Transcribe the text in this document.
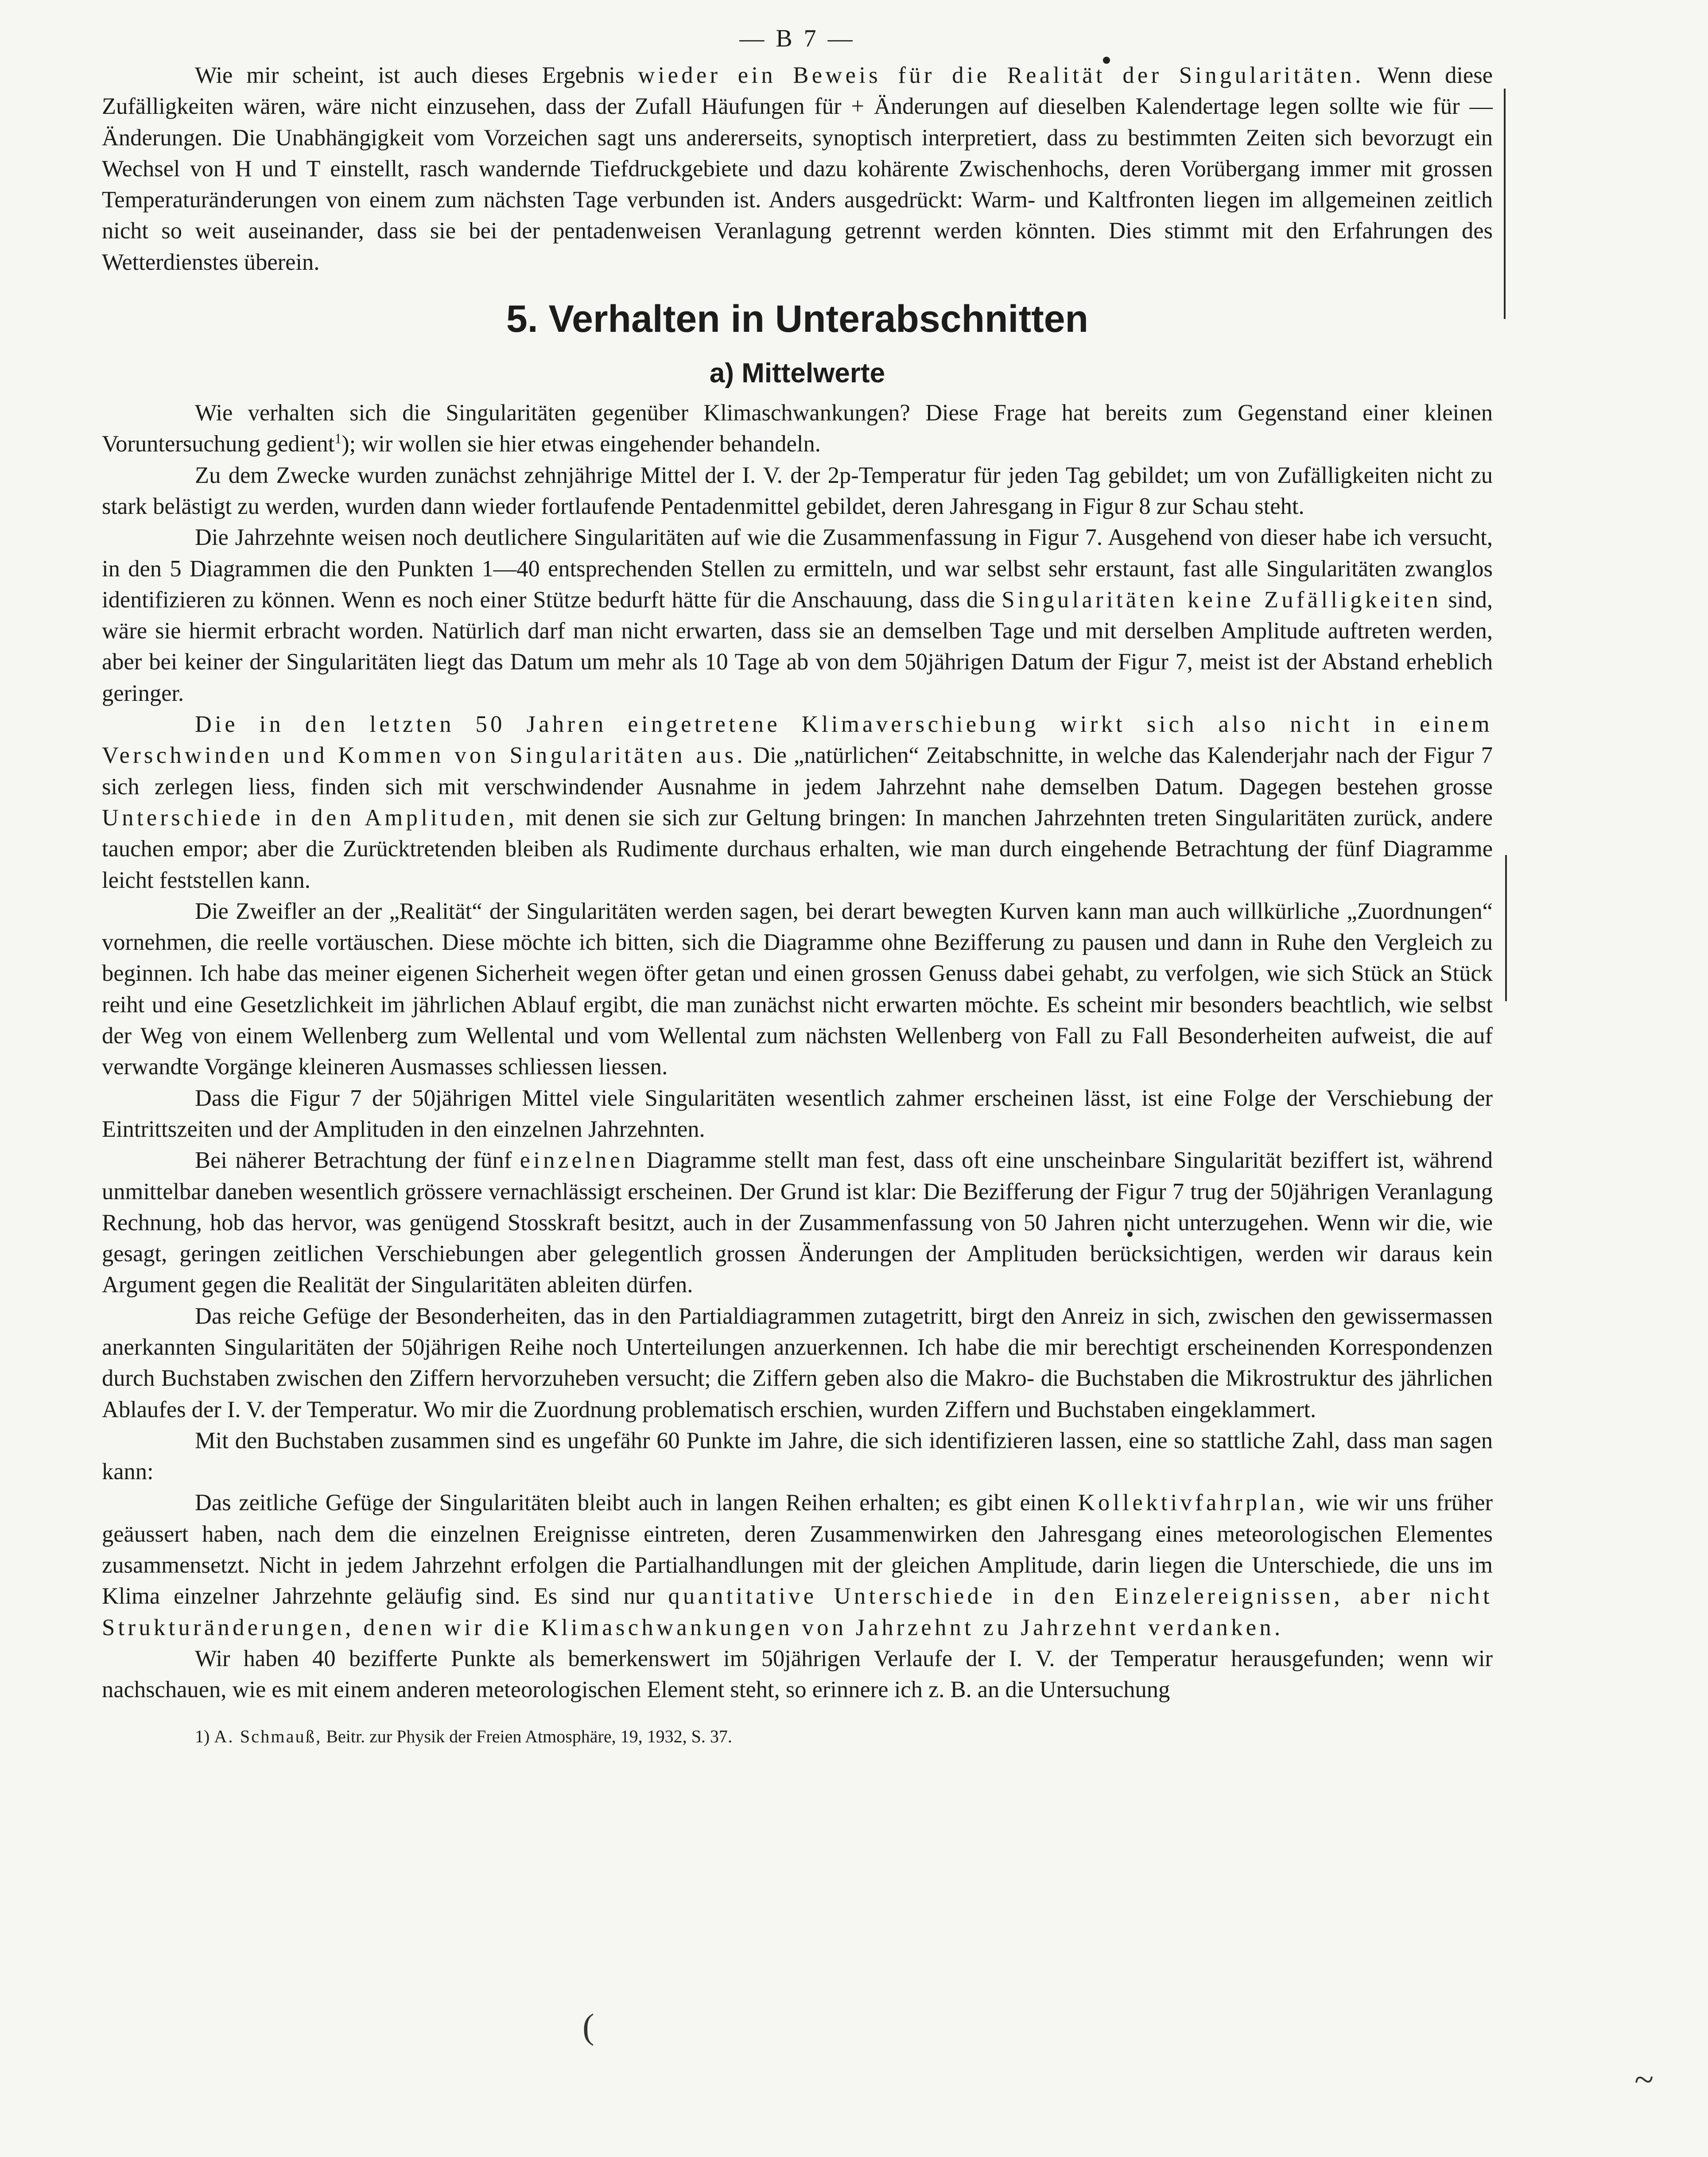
(
~
— B 7 —

Wie mir scheint, ist auch dieses Ergebnis wieder ein Beweis für die Realität der Singularitäten. Wenn diese Zufälligkeiten wären, wäre nicht einzusehen, dass der Zufall Häufungen für + Änderungen auf dieselben Kalendertage legen sollte wie für — Änderungen. Die Unabhängigkeit vom Vorzeichen sagt uns andererseits, synoptisch interpretiert, dass zu bestimmten Zeiten sich bevorzugt ein Wechsel von H und T einstellt, rasch wandernde Tiefdruckgebiete und dazu kohärente Zwischenhochs, deren Vorübergang immer mit grossen Temperaturänderungen von einem zum nächsten Tage verbunden ist. Anders ausgedrückt: Warm- und Kaltfronten liegen im allgemeinen zeitlich nicht so weit auseinander, dass sie bei der pentadenweisen Veranlagung getrennt werden könnten. Dies stimmt mit den Erfahrungen des Wetterdienstes überein.

5. Verhalten in Unterabschnitten
a) Mittelwerte

Wie verhalten sich die Singularitäten gegenüber Klimaschwankungen? Diese Frage hat bereits zum Gegenstand einer kleinen Voruntersuchung gedient$^1$); wir wollen sie hier etwas eingehender behandeln.

Zu dem Zwecke wurden zunächst zehnjährige Mittel der I. V. der 2p-Temperatur für jeden Tag gebildet; um von Zufälligkeiten nicht zu stark belästigt zu werden, wurden dann wieder fortlaufende Pentadenmittel gebildet, deren Jahresgang in Figur 8 zur Schau steht.

Die Jahrzehnte weisen noch deutlichere Singularitäten auf wie die Zusammenfassung in Figur 7. Ausgehend von dieser habe ich versucht, in den 5 Diagrammen die den Punkten 1—40 entsprechenden Stellen zu ermitteln, und war selbst sehr erstaunt, fast alle Singularitäten zwanglos identifizieren zu können. Wenn es noch einer Stütze bedurft hätte für die Anschauung, dass die Singularitäten keine Zufälligkeiten sind, wäre sie hiermit erbracht worden. Natürlich darf man nicht erwarten, dass sie an demselben Tage und mit derselben Amplitude auftreten werden, aber bei keiner der Singularitäten liegt das Datum um mehr als 10 Tage ab von dem 50jährigen Datum der Figur 7, meist ist der Abstand erheblich geringer.

Die in den letzten 50 Jahren eingetretene Klimaverschiebung wirkt sich also nicht in einem Verschwinden und Kommen von Singularitäten aus. Die „natürlichen“ Zeitabschnitte, in welche das Kalenderjahr nach der Figur 7 sich zerlegen liess, finden sich mit verschwindender Ausnahme in jedem Jahrzehnt nahe demselben Datum. Dagegen bestehen grosse Unterschiede in den Amplituden, mit denen sie sich zur Geltung bringen: In manchen Jahrzehnten treten Singularitäten zurück, andere tauchen empor; aber die Zurücktretenden bleiben als Rudimente durchaus erhalten, wie man durch eingehende Betrachtung der fünf Diagramme leicht feststellen kann.

Die Zweifler an der „Realität“ der Singularitäten werden sagen, bei derart bewegten Kurven kann man auch willkürliche „Zuordnungen“ vornehmen, die reelle vortäuschen. Diese möchte ich bitten, sich die Diagramme ohne Bezifferung zu pausen und dann in Ruhe den Vergleich zu beginnen. Ich habe das meiner eigenen Sicherheit wegen öfter getan und einen grossen Genuss dabei gehabt, zu verfolgen, wie sich Stück an Stück reiht und eine Gesetzlichkeit im jährlichen Ablauf ergibt, die man zunächst nicht erwarten möchte. Es scheint mir besonders beachtlich, wie selbst der Weg von einem Wellenberg zum Wellental und vom Wellental zum nächsten Wellenberg von Fall zu Fall Besonderheiten aufweist, die auf verwandte Vorgänge kleineren Ausmasses schliessen liessen.

Dass die Figur 7 der 50jährigen Mittel viele Singularitäten wesentlich zahmer erscheinen lässt, ist eine Folge der Verschiebung der Eintrittszeiten und der Amplituden in den einzelnen Jahrzehnten.

Bei näherer Betrachtung der fünf einzelnen Diagramme stellt man fest, dass oft eine unscheinbare Singularität beziffert ist, während unmittelbar daneben wesentlich grössere vernachlässigt erscheinen. Der Grund ist klar: Die Bezifferung der Figur 7 trug der 50jährigen Veranlagung Rechnung, hob das hervor, was genügend Stosskraft besitzt, auch in der Zusammenfassung von 50 Jahren nicht unterzugehen. Wenn wir die, wie gesagt, geringen zeitlichen Verschiebungen aber gelegentlich grossen Änderungen der Amplituden berücksichtigen, werden wir daraus kein Argument gegen die Realität der Singularitäten ableiten dürfen.

Das reiche Gefüge der Besonderheiten, das in den Partialdiagrammen zutagetritt, birgt den Anreiz in sich, zwischen den gewissermassen anerkannten Singularitäten der 50jährigen Reihe noch Unterteilungen anzuerkennen. Ich habe die mir berechtigt erscheinenden Korrespondenzen durch Buchstaben zwischen den Ziffern hervorzuheben versucht; die Ziffern geben also die Makro- die Buchstaben die Mikrostruktur des jährlichen Ablaufes der I. V. der Temperatur. Wo mir die Zuordnung problematisch erschien, wurden Ziffern und Buchstaben eingeklammert.

Mit den Buchstaben zusammen sind es ungefähr 60 Punkte im Jahre, die sich identifizieren lassen, eine so stattliche Zahl, dass man sagen kann:

Das zeitliche Gefüge der Singularitäten bleibt auch in langen Reihen erhalten; es gibt einen Kollektivfahrplan, wie wir uns früher geäussert haben, nach dem die einzelnen Ereignisse eintreten, deren Zusammenwirken den Jahresgang eines meteorologischen Elementes zusammensetzt. Nicht in jedem Jahrzehnt erfolgen die Partialhandlungen mit der gleichen Amplitude, darin liegen die Unterschiede, die uns im Klima einzelner Jahrzehnte geläufig sind. Es sind nur quantitative Unterschiede in den Einzelereignissen, aber nicht Strukturänderungen, denen wir die Klimaschwankungen von Jahrzehnt zu Jahrzehnt verdanken.

Wir haben 40 bezifferte Punkte als bemerkenswert im 50jährigen Verlaufe der I. V. der Temperatur herausgefunden; wenn wir nachschauen, wie es mit einem anderen meteorologischen Element steht, so erinnere ich z. B. an die Untersuchung

1) A. Schmauß, Beitr. zur Physik der Freien Atmosphäre, 19, 1932, S. 37.
